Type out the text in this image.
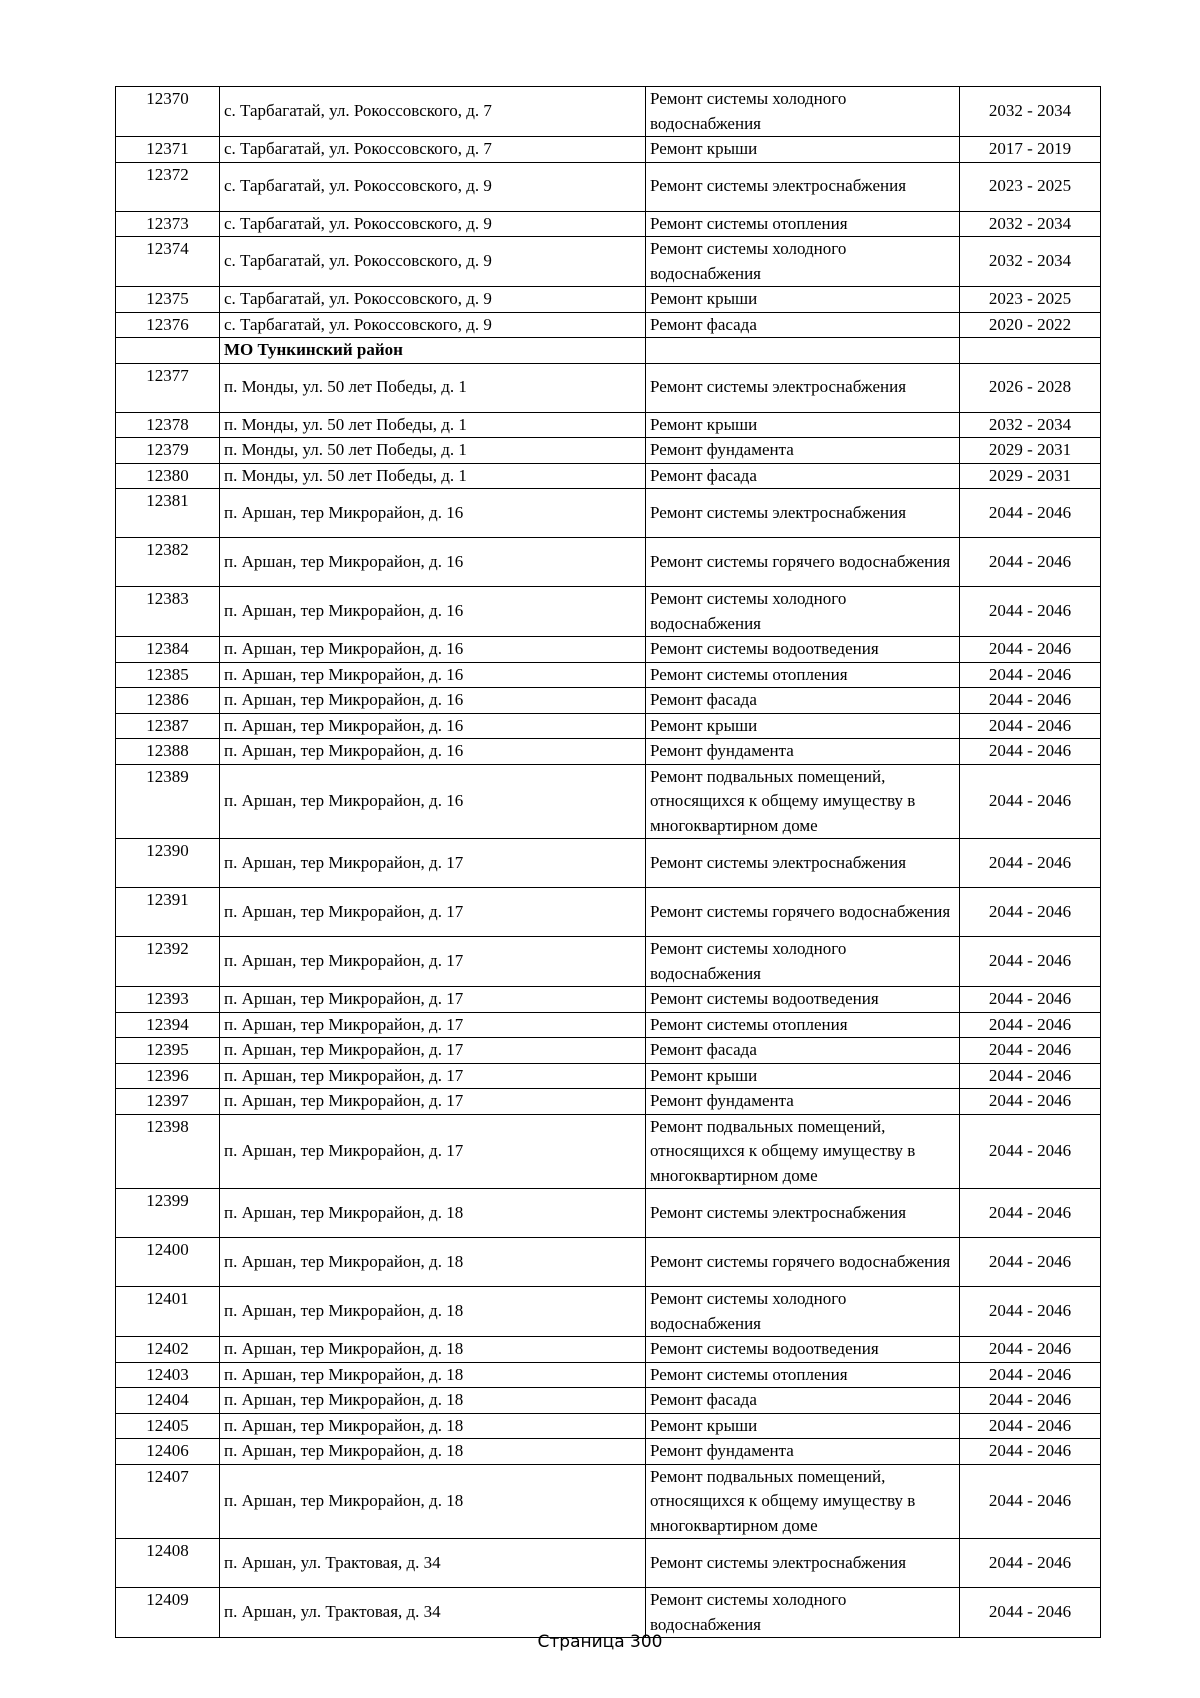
12370	с. Тарбагатай, ул. Рокоссовского, д. 7	Ремонт системы холодного водоснабжения	2032 - 2034
12371	с. Тарбагатай, ул. Рокоссовского, д. 7	Ремонт крыши	2017 - 2019
12372	с. Тарбагатай, ул. Рокоссовского, д. 9	Ремонт системы электроснабжения	2023 - 2025
12373	с. Тарбагатай, ул. Рокоссовского, д. 9	Ремонт системы отопления	2032 - 2034
12374	с. Тарбагатай, ул. Рокоссовского, д. 9	Ремонт системы холодного водоснабжения	2032 - 2034
12375	с. Тарбагатай, ул. Рокоссовского, д. 9	Ремонт крыши	2023 - 2025
12376	с. Тарбагатай, ул. Рокоссовского, д. 9	Ремонт фасада	2020 - 2022
	МО Тункинский район		
12377	п. Монды, ул. 50 лет Победы, д. 1	Ремонт системы электроснабжения	2026 - 2028
12378	п. Монды, ул. 50 лет Победы, д. 1	Ремонт крыши	2032 - 2034
12379	п. Монды, ул. 50 лет Победы, д. 1	Ремонт фундамента	2029 - 2031
12380	п. Монды, ул. 50 лет Победы, д. 1	Ремонт фасада	2029 - 2031
12381	п. Аршан, тер Микрорайон, д. 16	Ремонт системы электроснабжения	2044 - 2046
12382	п. Аршан, тер Микрорайон, д. 16	Ремонт системы горячего водоснабжения	2044 - 2046
12383	п. Аршан, тер Микрорайон, д. 16	Ремонт системы холодного водоснабжения	2044 - 2046
12384	п. Аршан, тер Микрорайон, д. 16	Ремонт системы водоотведения	2044 - 2046
12385	п. Аршан, тер Микрорайон, д. 16	Ремонт системы отопления	2044 - 2046
12386	п. Аршан, тер Микрорайон, д. 16	Ремонт фасада	2044 - 2046
12387	п. Аршан, тер Микрорайон, д. 16	Ремонт крыши	2044 - 2046
12388	п. Аршан, тер Микрорайон, д. 16	Ремонт фундамента	2044 - 2046
12389	п. Аршан, тер Микрорайон, д. 16	Ремонт подвальных помещений, относящихся к общему имуществу в многоквартирном доме	2044 - 2046
12390	п. Аршан, тер Микрорайон, д. 17	Ремонт системы электроснабжения	2044 - 2046
12391	п. Аршан, тер Микрорайон, д. 17	Ремонт системы горячего водоснабжения	2044 - 2046
12392	п. Аршан, тер Микрорайон, д. 17	Ремонт системы холодного водоснабжения	2044 - 2046
12393	п. Аршан, тер Микрорайон, д. 17	Ремонт системы водоотведения	2044 - 2046
12394	п. Аршан, тер Микрорайон, д. 17	Ремонт системы отопления	2044 - 2046
12395	п. Аршан, тер Микрорайон, д. 17	Ремонт фасада	2044 - 2046
12396	п. Аршан, тер Микрорайон, д. 17	Ремонт крыши	2044 - 2046
12397	п. Аршан, тер Микрорайон, д. 17	Ремонт фундамента	2044 - 2046
12398	п. Аршан, тер Микрорайон, д. 17	Ремонт подвальных помещений, относящихся к общему имуществу в многоквартирном доме	2044 - 2046
12399	п. Аршан, тер Микрорайон, д. 18	Ремонт системы электроснабжения	2044 - 2046
12400	п. Аршан, тер Микрорайон, д. 18	Ремонт системы горячего водоснабжения	2044 - 2046
12401	п. Аршан, тер Микрорайон, д. 18	Ремонт системы холодного водоснабжения	2044 - 2046
12402	п. Аршан, тер Микрорайон, д. 18	Ремонт системы водоотведения	2044 - 2046
12403	п. Аршан, тер Микрорайон, д. 18	Ремонт системы отопления	2044 - 2046
12404	п. Аршан, тер Микрорайон, д. 18	Ремонт фасада	2044 - 2046
12405	п. Аршан, тер Микрорайон, д. 18	Ремонт крыши	2044 - 2046
12406	п. Аршан, тер Микрорайон, д. 18	Ремонт фундамента	2044 - 2046
12407	п. Аршан, тер Микрорайон, д. 18	Ремонт подвальных помещений, относящихся к общему имуществу в многоквартирном доме	2044 - 2046
12408	п. Аршан, ул. Трактовая, д. 34	Ремонт системы электроснабжения	2044 - 2046
12409	п. Аршан, ул. Трактовая, д. 34	Ремонт системы холодного водоснабжения	2044 - 2046
Страница 300
